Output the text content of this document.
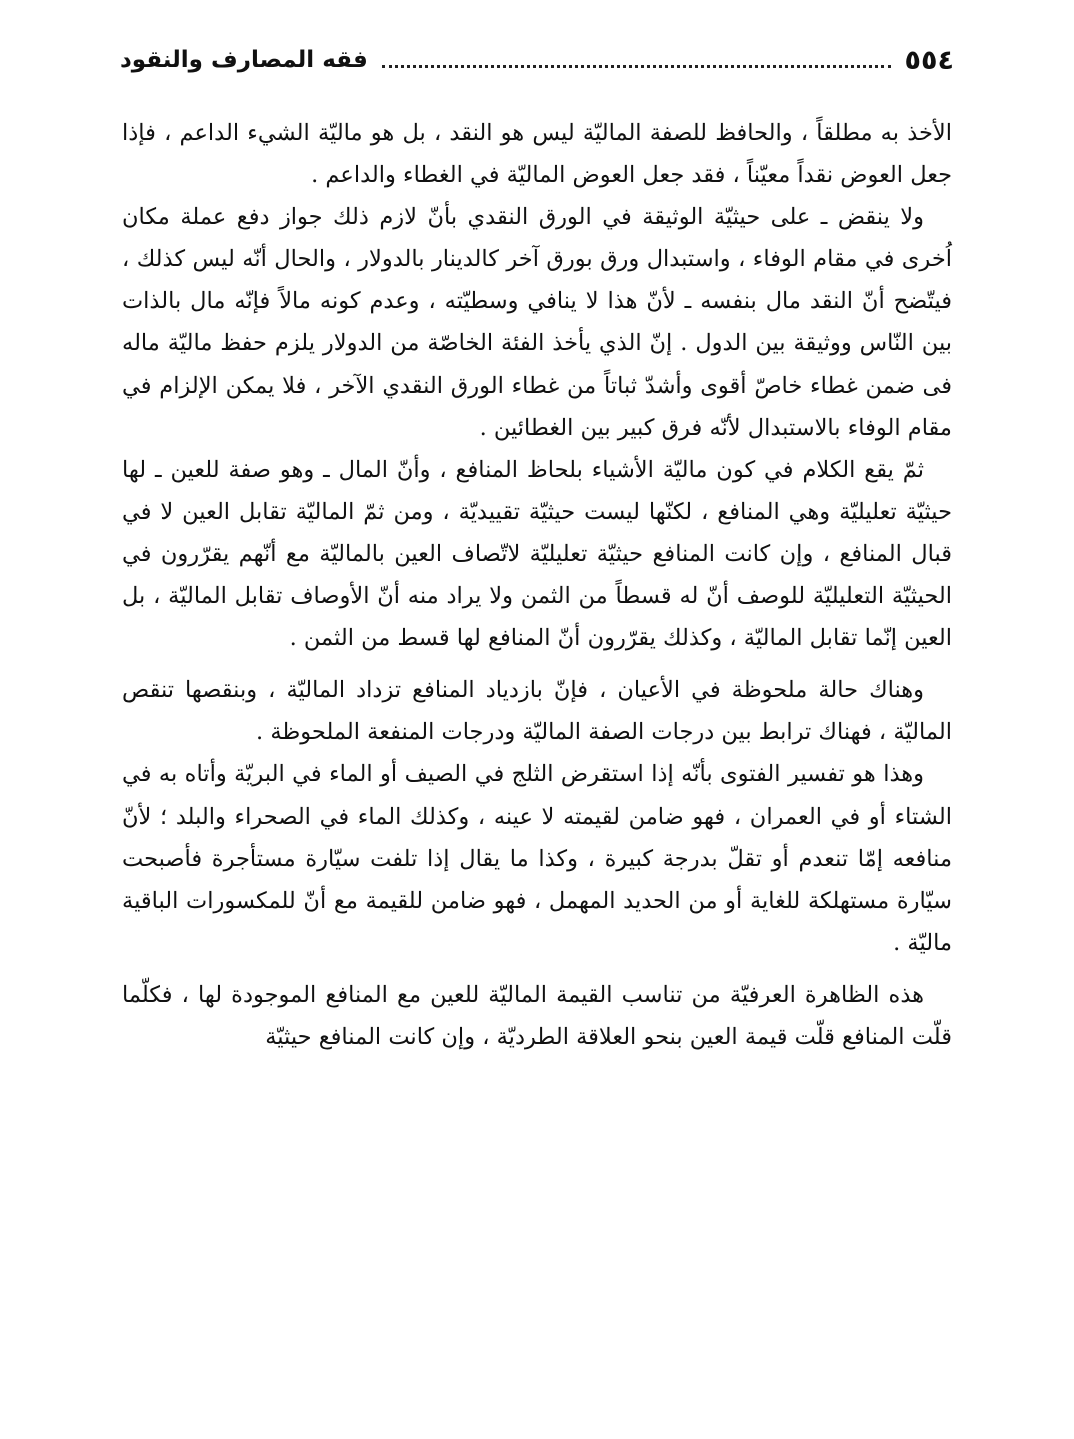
٥٥٤
فقه المصارف والنقود

الأخذ به مطلقاً ، والحافظ للصفة الماليّة ليس هو النقد ، بل هو ماليّة الشيء الداعم ، فإذا جعل العوض نقداً معيّناً ، فقد جعل العوض الماليّة في الغطاء والداعم .

ولا ينقض ـ على حيثيّة الوثيقة في الورق النقدي بأنّ لازم ذلك جواز دفع عملة مكان اُخرى في مقام الوفاء ، واستبدال ورق بورق آخر كالدينار بالدولار ، والحال أنّه ليس كذلك ، فيتّضح أنّ النقد مال بنفسه ـ لأنّ هذا لا ينافي وسطيّته ، وعدم كونه مالاً فإنّه مال بالذات بين النّاس ووثيقة بين الدول . إنّ الذي يأخذ الفئة الخاصّة من الدولار يلزم حفظ ماليّة ماله فى ضمن غطاء خاصّ أقوى وأشدّ ثباتاً من غطاء الورق النقدي الآخر ، فلا يمكن الإلزام في مقام الوفاء بالاستبدال لأنّه فرق كبير بين الغطائين .

ثمّ يقع الكلام في كون ماليّة الأشياء بلحاظ المنافع ، وأنّ المال ـ وهو صفة للعين ـ لها حيثيّة تعليليّة وهي المنافع ، لكنّها ليست حيثيّة تقييديّة ، ومن ثمّ الماليّة تقابل العين لا في قبال المنافع ، وإن كانت المنافع حيثيّة تعليليّة لاتّصاف العين بالماليّة مع أنّهم يقرّرون في الحيثيّة التعليليّة للوصف أنّ له قسطاً من الثمن ولا يراد منه أنّ الأوصاف تقابل الماليّة ، بل العين إنّما تقابل الماليّة ، وكذلك يقرّرون أنّ المنافع لها قسط من الثمن .

وهناك حالة ملحوظة في الأعيان ، فإنّ بازدياد المنافع تزداد الماليّة ، وبنقصها تنقص الماليّة ، فهناك ترابط بين درجات الصفة الماليّة ودرجات المنفعة الملحوظة .

وهذا هو تفسير الفتوى بأنّه إذا استقرض الثلج في الصيف أو الماء في البريّة وأتاه به في الشتاء أو في العمران ، فهو ضامن لقيمته لا عينه ، وكذلك الماء في الصحراء والبلد ؛ لأنّ منافعه إمّا تنعدم أو تقلّ بدرجة كبيرة ، وكذا ما يقال إذا تلفت سيّارة مستأجرة فأصبحت سيّارة مستهلكة للغاية أو من الحديد المهمل ، فهو ضامن للقيمة مع أنّ للمكسورات الباقية ماليّة .

هذه الظاهرة العرفيّة من تناسب القيمة الماليّة للعين مع المنافع الموجودة لها ، فكلّما قلّت المنافع قلّت قيمة العين بنحو العلاقة الطرديّة ، وإن كانت المنافع حيثيّة
